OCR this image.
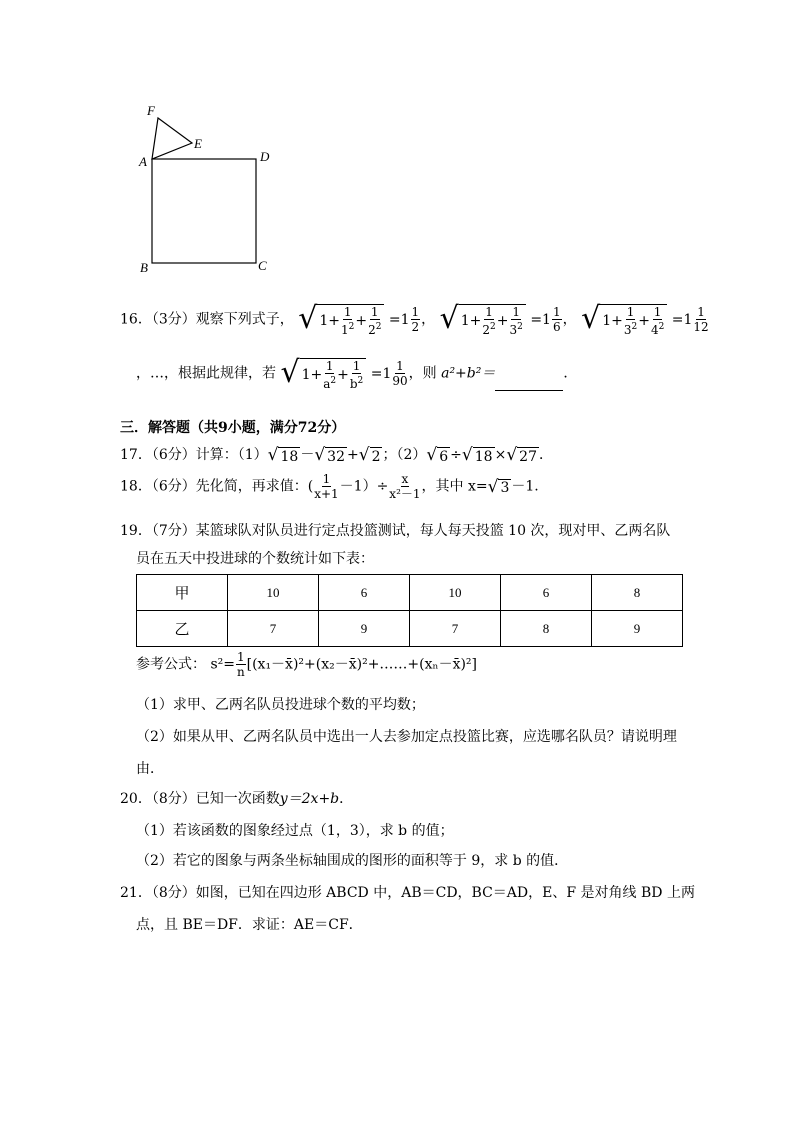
F
E
A	D
B	C
16．（3分）观察下列式子， √ $1+ \frac{1}{1^2} + \frac{1}{2^2}$
$=1 \frac{1}{2}$ ， √ $1+ \frac{1}{2^2} + \frac{1}{3^2} =1 \frac{1}{6}$ ， √ $1+ \frac{1}{3^2} + \frac{1}{4^2} =1 \frac{1}{12}$
，…，根据此规律，若 √ $1+ \frac{1}{a^2} + \frac{1}{b^2} =1 \frac{1}{90}$ ，则 a²+b²＝	．
三．解答题（共9小题，满分72分）
17．（6分）计算：（1） √ 18 － √ 32 + √ 2 ；（2） √ 6 ÷ √ 18 × √ 27 ．
18．（6分）先化简，再求值：( $\frac{1}{x+1} -1)\div \frac{x}{\text{x²－1}}$ ，其中 x= √ 3 －1.
19．（7分）某篮球队对队员进行定点投篮测试，每人每天投篮 10 次，现对甲、乙两名队
员在五天中投进球的个数统计如下表：
甲	10	6	10	6	8
乙	7	9	7	8	9
参考公式： $s^2= \frac{1}{n}$ [(x₁－x̄)²+(x₂－x̄)²+……+(xₙ－x̄)²]
（1）求甲、乙两名队员投进球个数的平均数；
（2）如果从甲、乙两名队员中选出一人去参加定点投篮比赛，应选哪名队员？请说明理
由．
20．（8分）已知一次函数y＝2x+b．
（1）若该函数的图象经过点（1，3），求 b 的值；
（2）若它的图象与两条坐标轴围成的图形的面积等于 9，求 b 的值．
21．（8分）如图，已知在四边形 ABCD 中，AB＝CD，BC＝AD，E、F 是对角线 BD 上两
点，且 BE＝DF．求证：AE＝CF．
